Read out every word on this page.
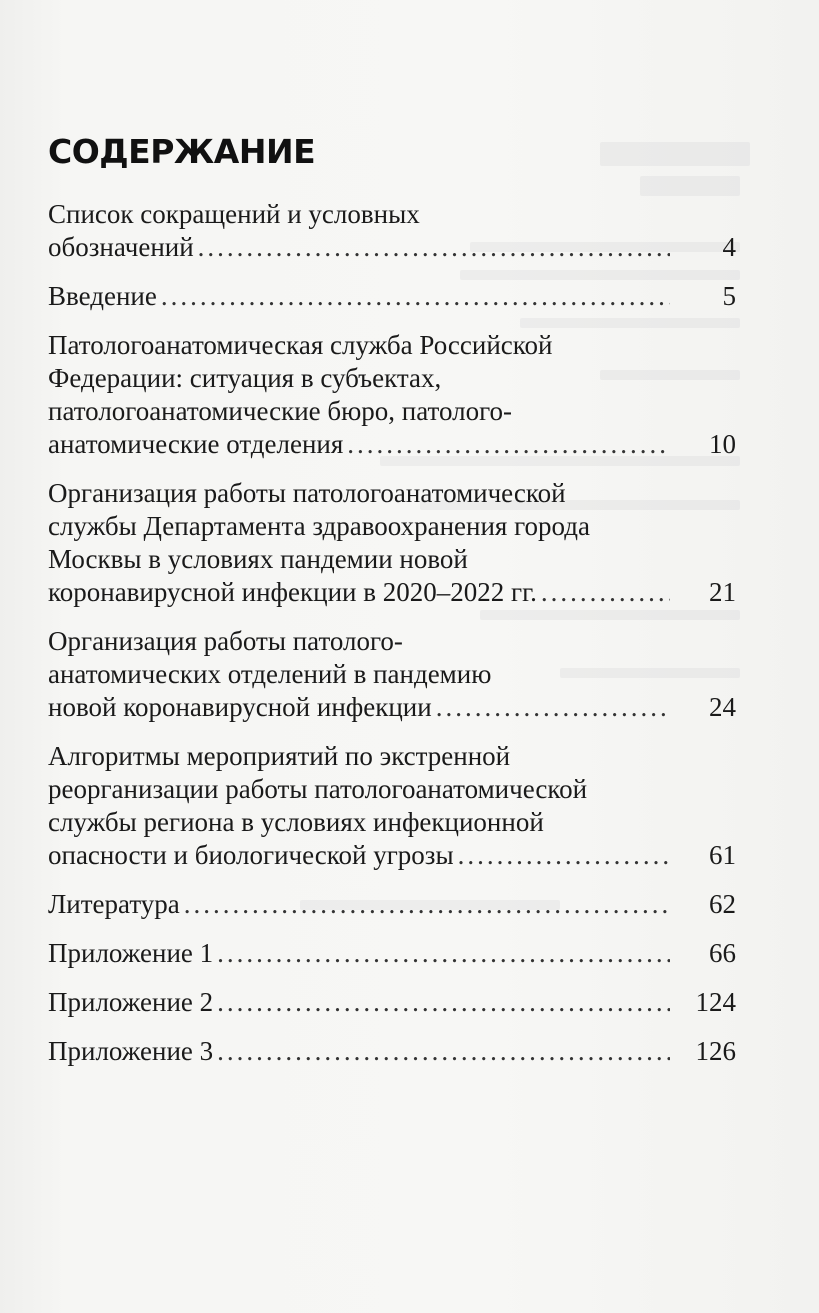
СОДЕРЖАНИЕ
Список сокращений и условных
обозначений .....	4
Введение .....	5
Патологоанатомическая служба Российской
Федерации: ситуация в субъектах,
патологоанатомические бюро, патолого-
анатомические отделения .....	10
Организация работы патологоанатомической
службы Департамента здравоохранения города
Москвы в условиях пандемии новой
коронавирусной инфекции в 2020–2022 гг. .....	21
Организация работы патолого-
анатомических отделений в пандемию
новой коронавирусной инфекции .....	24
Алгоритмы мероприятий по экстренной
реорганизации работы патологоанатомической
службы региона в условиях инфекционной
опасности и биологической угрозы .....	61
Литература .....	62
Приложение 1 .....	66
Приложение 2 .....	124
Приложение 3 .....	126
